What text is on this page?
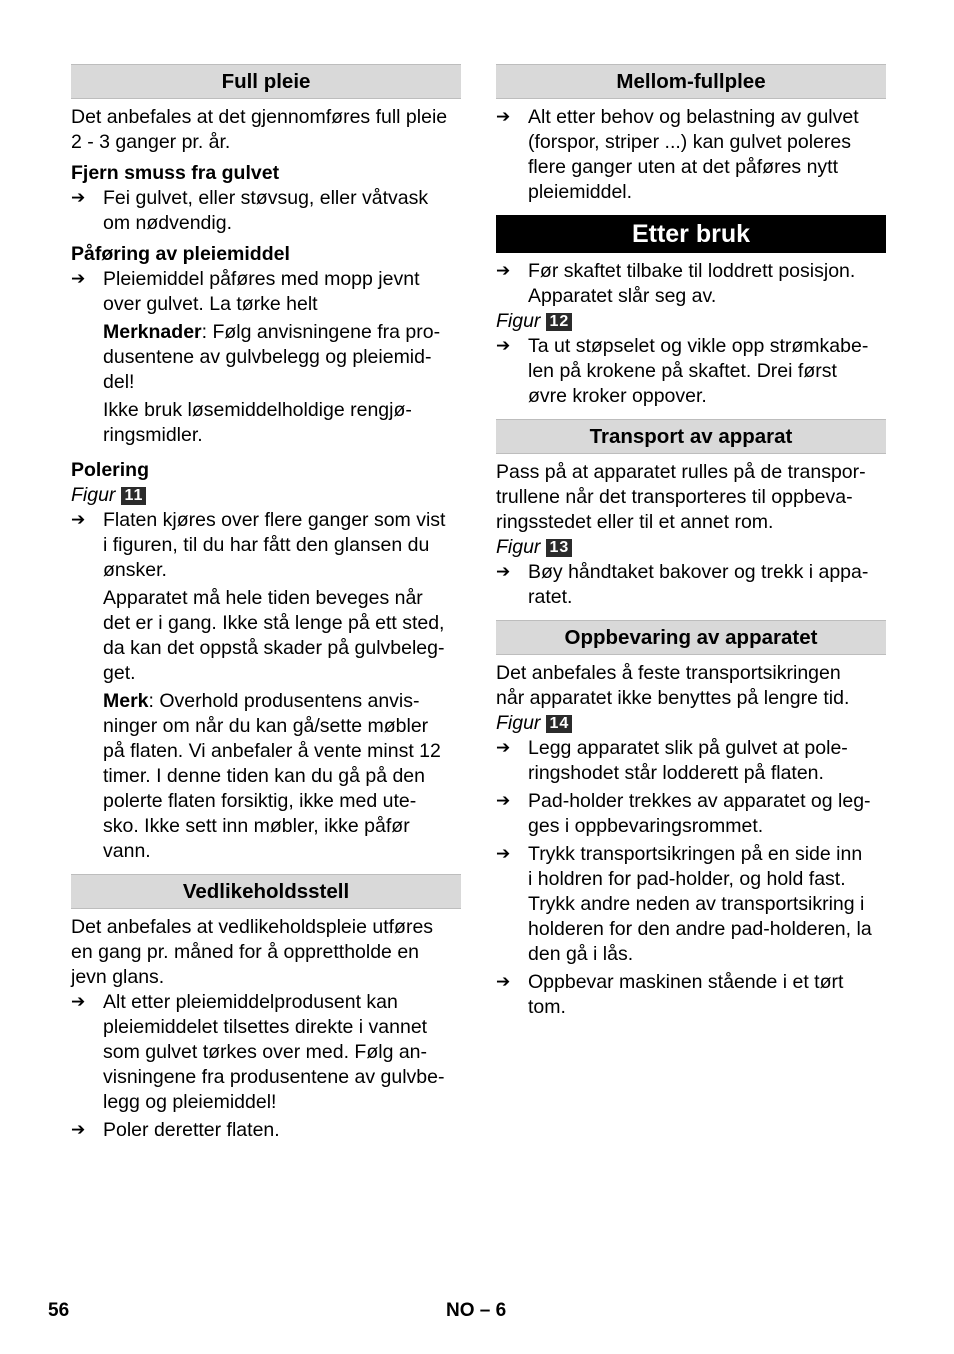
Full pleie
Det anbefales at det gjennomføres full pleie
2 - 3 ganger pr. år.
Fjern smuss fra gulvet
➔ Fei gulvet, eller støvsug, eller våtvask
om nødvendig.
Påføring av pleiemiddel
➔ Pleiemiddel påføres med mopp jevnt
over gulvet. La tørke helt
Merknader: Følg anvisningene fra pro-
dusentene av gulvbelegg og pleiemid-
del!
Ikke bruk løsemiddelholdige rengjø-
ringsmidler.
Polering
Figur 11
➔ Flaten kjøres over flere ganger som vist
i figuren, til du har fått den glansen du
ønsker.
Apparatet må hele tiden beveges når
det er i gang. Ikke stå lenge på ett sted,
da kan det oppstå skader på gulvbeleg-
get.
Merk: Overhold produsentens anvis-
ninger om når du kan gå/sette møbler
på flaten. Vi anbefaler å vente minst 12
timer. I denne tiden kan du gå på den
polerte flaten forsiktig, ikke med ute-
sko. Ikke sett inn møbler, ikke påfør
vann.
Vedlikeholdsstell
Det anbefales at vedlikeholdspleie utføres
en gang pr. måned for å opprettholde en
jevn glans.
➔ Alt etter pleiemiddelprodusent kan
pleiemiddelet tilsettes direkte i vannet
som gulvet tørkes over med. Følg an-
visningene fra produsentene av gulvbe-
legg og pleiemiddel!
➔ Poler deretter flaten.
Mellom-fullplee
➔ Alt etter behov og belastning av gulvet
(forspor, striper ...) kan gulvet poleres
flere ganger uten at det påføres nytt
pleiemiddel.
Etter bruk
➔ Før skaftet tilbake til loddrett posisjon.
Apparatet slår seg av.
Figur 12
➔ Ta ut støpselet og vikle opp strømkabe-
len på krokene på skaftet. Drei først
øvre kroker oppover.
Transport av apparat
Pass på at apparatet rulles på de transpor-
trullene når det transporteres til oppbeva-
ringsstedet eller til et annet rom.
Figur 13
➔ Bøy håndtaket bakover og trekk i appa-
ratet.
Oppbevaring av apparatet
Det anbefales å feste transportsikringen
når apparatet ikke benyttes på lengre tid.
Figur 14
➔ Legg apparatet slik på gulvet at pole-
ringshodet står lodderett på flaten.
➔ Pad-holder trekkes av apparatet og leg-
ges i oppbevaringsrommet.
➔ Trykk transportsikringen på en side inn
i holdren for pad-holder, og hold fast.
Trykk andre neden av transportsikring i
holderen for den andre pad-holderen, la
den gå i lås.
➔ Oppbevar maskinen stående i et tørt
tom.
56	NO – 6
